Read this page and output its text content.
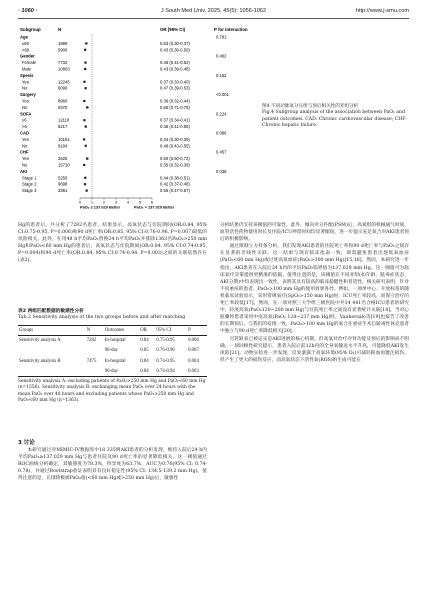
· 1060 ·	J South Med Univ, 2025, 45(5): 1056-1062	http://www.j-smu.com
Subgroup	N	OR (95% CI)	P for interaction
Age	0.781
≤60	1899	0.53 (0.30-0.37)
>60	5900	0.43 (0.36-0.50)
Gender	0.402
Female	7732	0.46 (0.41-0.52)
Male	10803	0.43 (0.39-0.48)
Spesis	0.152
Yes	12245	0.37 (0.33-0.40)
No	6090	0.47 (0.39-0.53)
Surgery	<0.001
Yes	8960	0.36 (0.32-0.44)
No	9370	0.60 (0.71-0.75)
SOFA	0.224
≤6	12118	0.37 (0.34-0.41)
>6	6217	0.48 (0.41-0.56)
CAD	0.086
Yes	10151	0.34 (0.30-0.39)
No	8184	0.48 (0.43-0.55)
CHF	0.457
Yes	2625	0.60 (0.50-0.72)
No	15710	0.35 (0.32-0.39)
AKI	0.038
Stage 1	5256	0.44 (0.38-0.51)
Stage 2	9698	0.42 (0.37-0.48)
Stage 3	3381	0.55 (0.47-0.67)
0	1	2	3	4	5	6
PaO₂ ≤ 137.029 Better	PaO₂ > 137.029 Better
图4 不同动脉氧分压组与预后相关性的亚组分析
Fig.4 Subgroup analysis of the association between PaO₂ and patient outcomes. CAD: Chronic cardiovascular disease; CHF: Chronic hepatic failure.

Hg的患者后，共分析了7282名患者，结果显示，高氧状态与住院期间(OR:0.84, 95% CI:0.75-0.95, P=0.006)和90 d死亡率(OR:0.85, 95% CI:0.76-0.96, P=0.007)较低的风险相关。此外，在用48 h平均PaO₂替换24 h平均PaO₂并排除1363名PaO₂>250 mm Hg和PaO₂<60 mm Hg的患者后，高氧状态与住院期间(OR:0.84, 95% CI:0.74-0.95, P=0.004)和90 d死亡率(OR:0.84, 95% CI:0.74-0.94, P=0.003)之间的关联依然存在(表2)。

表2 两组匹配数据的敏感性分析
Tab.2 Sensitivity analysis of the two groups before and after matching
Groups	N	Outcomes	OR	95% CI	P
Sensitivity analysis A	7282	In-hospital	0.84	0.75-0.95	0.006
		90-day	0.85	0.76-0.96	0.007
Sensitivity analysis B	7475	In-hospital	0.84	0.74-0.95	0.004
		90-day	0.84	0.74-0.94	0.003
Sensitivity analysis A: excluding patients of PaO₂>250 mm Hg and PaO₂<60 mm Hg (n=1556). Sensitivity analysis B: exchanging mean PaO₂ over 24 hours with the mean PaO₂ over 48 hours and excluding patients whose PaO₂>250 mm Hg and PaO₂<60 mm Hg (n=1363).
3 讨论

本研究通过对MIMIC-IV数据库中18 335例AKI患者的分析发现，维持入院后24 h内平均PaO₂≥137.029 mm Hg与患者住院及90 d死亡率的显著降低相关。这一阈值通过ROC曲线分析确定，其敏感度为78.3%，特异度为63.7%，AUC为0.76(95% CI: 0.74-0.78)，并通过Bootstrap验证表明其有良好稳定性(95% CI: 134.5-139.2 mm Hg)。值得注意的是，在排除极端PaO₂值(<60 mm Hg或>250 mm Hg)后，敏感性

分析结果仍支持该阈值的可靠性。此外，倾向评分匹配(PSM)后，高氧组的机械通气时间、血管活性药物使用时长及住院/ICU停留时间均显著缩短，进一步提示充足氧合对AKI患者预后的积极影响。

通过限制立方样条分析，我们发现AKI患者的住院死亡率和90 d死亡率与PaO₂之间存在显著的非线性关联。这一结果与现有临床指南一致，即需避免患者出现低氧血症(PaO₂<60 mm Hg)或过度高氧血症(PaO₂>300 mm Hg)[15,16]。然而，本研究进一步指出，AKI患者在入院后24 h内的平均PaO₂临界值为137.029 mm Hg。这一阈值可为临床氧疗决策提供更精准的依据。值得注意的是，该阈值在不同亚组(如年龄、脓毒症状态、AKI分期)中均表现出一致性，表明其具有较高的临床稳健性和普适性。相关研究表明，针对不同重症的患者，PaO₂>100 mm Hg的使用效果各异。例如，一项单中心、开放标签的随机临床试验显示，采用常规氧疗(SpO₂>150 mm Hg)时，ICU死亡率较高，而保守治疗的死亡率较低[17]。然而，在一项对照三大学组三级医院中共14 441名合格ICU患者的研究中，轻度高氧(PaO₂120~200 mm Hg)与住院死亡率之间没有显著统计关联[18]。当对心脏骤停患者采用中度高氧(PaO₂ 128~237 mm Hg)时，Vaahersalo等[19]也报告了改善的长期预后。与我们的发现一致，PaO₂>100 mm Hg的氧合在重症手术后脓毒性休克患者中独立与90 d死亡率降低相关[20]。

尽管缺氧已被证实是AKI进展的核心机制，但高氧对治疗对肾功能及预后的影响尚不明确。一项回顾性研究提示，患者入院后前12h内的全身氧输送水平升高，可能降低AKI发生风险[21]。动物实验进一步发现，反复暴露于高氧环境(95% O₂)可减轻缺血再灌注损伤，但产生了更大的损伤反应，而高氧状态下活性氧(ROS)的生成可能在
